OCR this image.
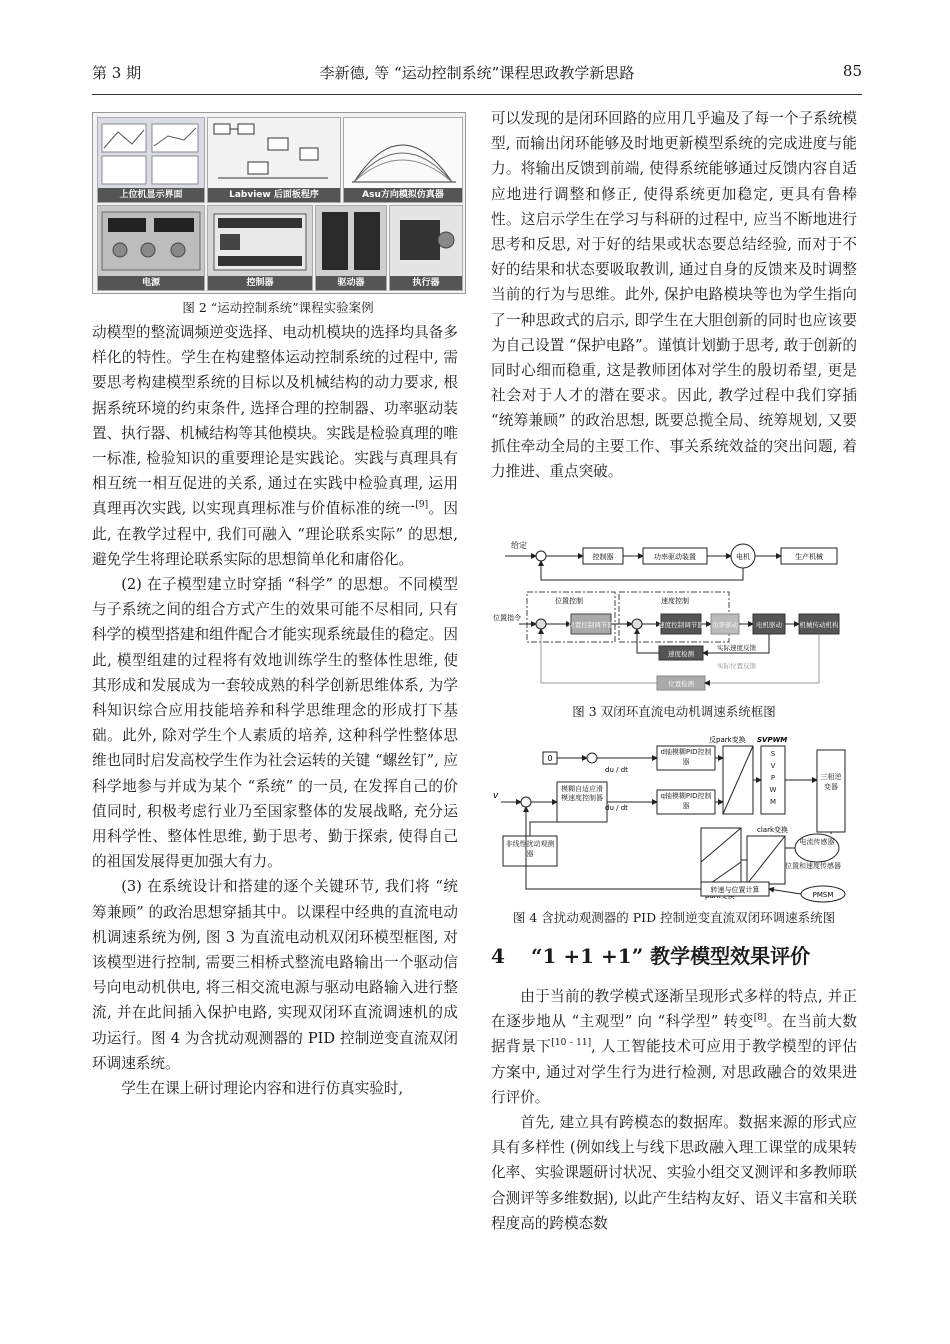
第 3 期	李新德, 等 “运动控制系统”课程思政教学新思路	85
上位机显示界面	Labview 后面板程序	Asu方向模拟仿真器
电源	控制器	驱动器	执行器
图 2 “运动控制系统”课程实验案例

动模型的整流调频逆变选择、电动机模块的选择均具备多样化的特性。学生在构建整体运动控制系统的过程中, 需要思考构建模型系统的目标以及机械结构的动力要求, 根据系统环境的约束条件, 选择合理的控制器、功率驱动装置、执行器、机械结构等其他模块。实践是检验真理的唯一标准, 检验知识的重要理论是实践论。实践与真理具有相互统一相互促进的关系, 通过在实践中检验真理, 运用真理再次实践, 以实现真理标准与价值标准的统一[9]。因此, 在教学过程中, 我们可融入 “理论联系实际” 的思想, 避免学生将理论联系实际的思想简单化和庸俗化。

(2) 在子模型建立时穿插 “科学” 的思想。不同模型与子系统之间的组合方式产生的效果可能不尽相同, 只有科学的模型搭建和组件配合才能实现系统最佳的稳定。因此, 模型组建的过程将有效地训练学生的整体性思维, 使其形成和发展成为一套较成熟的科学创新思维体系, 为学科知识综合应用技能培养和科学思维理念的形成打下基础。此外, 除对学生个人素质的培养, 这种科学性整体思维也同时启发高校学生作为社会运转的关键 “螺丝钉”, 应科学地参与并成为某个 “系统” 的一员, 在发挥自己的价值同时, 积极考虑行业乃至国家整体的发展战略, 充分运用科学性、整体性思维, 勤于思考、勤于探索, 使得自己的祖国发展得更加强大有力。

(3) 在系统设计和搭建的逐个关键环节, 我们将 “统筹兼顾” 的政治思想穿插其中。以课程中经典的直流电动机调速系统为例, 图 3 为直流电动机双闭环模型框图, 对该模型进行控制, 需要三相桥式整流电路输出一个驱动信号向电动机供电, 将三相交流电源与驱动电路输入进行整流, 并在此间插入保护电路, 实现双闭环直流调速机的成功运行。图 4 为含扰动观测器的 PID 控制逆变直流双闭环调速系统。

学生在课上研讨理论内容和进行仿真实验时,

可以发现的是闭环回路的应用几乎遍及了每一个子系统模型, 而输出闭环能够及时地更新模型系统的完成进度与能力。将输出反馈到前端, 使得系统能够通过反馈内容自适应地进行调整和修正, 使得系统更加稳定, 更具有鲁棒性。这启示学生在学习与科研的过程中, 应当不断地进行思考和反思, 对于好的结果或状态要总结经验, 而对于不好的结果和状态要吸取教训, 通过自身的反馈来及时调整当前的行为与思维。此外, 保护电路模块等也为学生指向了一种思政式的启示, 即学生在大胆创新的同时也应该要为自己设置 “保护电路”。谨慎计划勤于思考, 敢于创新的同时心细而稳重, 这是教师团体对学生的殷切希望, 更是社会对于人才的潜在要求。因此, 教学过程中我们穿插 “统筹兼顾” 的政治思想, 既要总揽全局、统筹规划, 又要抓住牵动全局的主要工作、事关系统效益的突出问题, 着力推进、重点突破。

给定
控制器	功率驱动装置	电机	生产机械
位置控制	速度控制
位置指令
位置控制调节器	速度控制调节器 功率驱动	电机驱动	机械传动机构
速度检测
实际速度反馈
实际位置反馈
位置检测
图 3 双闭环直流电动机调速系统框图
v
模糊自适应滑模速度控制器
0
du / dt
d轴模糊PID控制器
du / dt
q轴模糊PID控制器
反park变换 SVPWM
S V P W M
三相逆变器
非线性扰动观测器
clark变换
电流传感器
位置和速度传感器
PMSM
转速与位置计算
图 4 含扰动观测器的 PID 控制逆变直流双闭环调速系统图
4 “1 +1 +1” 教学模型效果评价

由于当前的教学模式逐渐呈现形式多样的特点, 并正在逐步地从 “主观型” 向 “科学型” 转变[8]。在当前大数据背景下[10 - 11], 人工智能技术可应用于教学模型的评估方案中, 通过对学生行为进行检测, 对思政融合的效果进行评价。

首先, 建立具有跨模态的数据库。数据来源的形式应具有多样性 (例如线上与线下思政融入理工课堂的成果转化率、实验课题研讨状况、实验小组交叉测评和多教师联合测评等多维数据), 以此产生结构友好、语义丰富和关联程度高的跨模态数
